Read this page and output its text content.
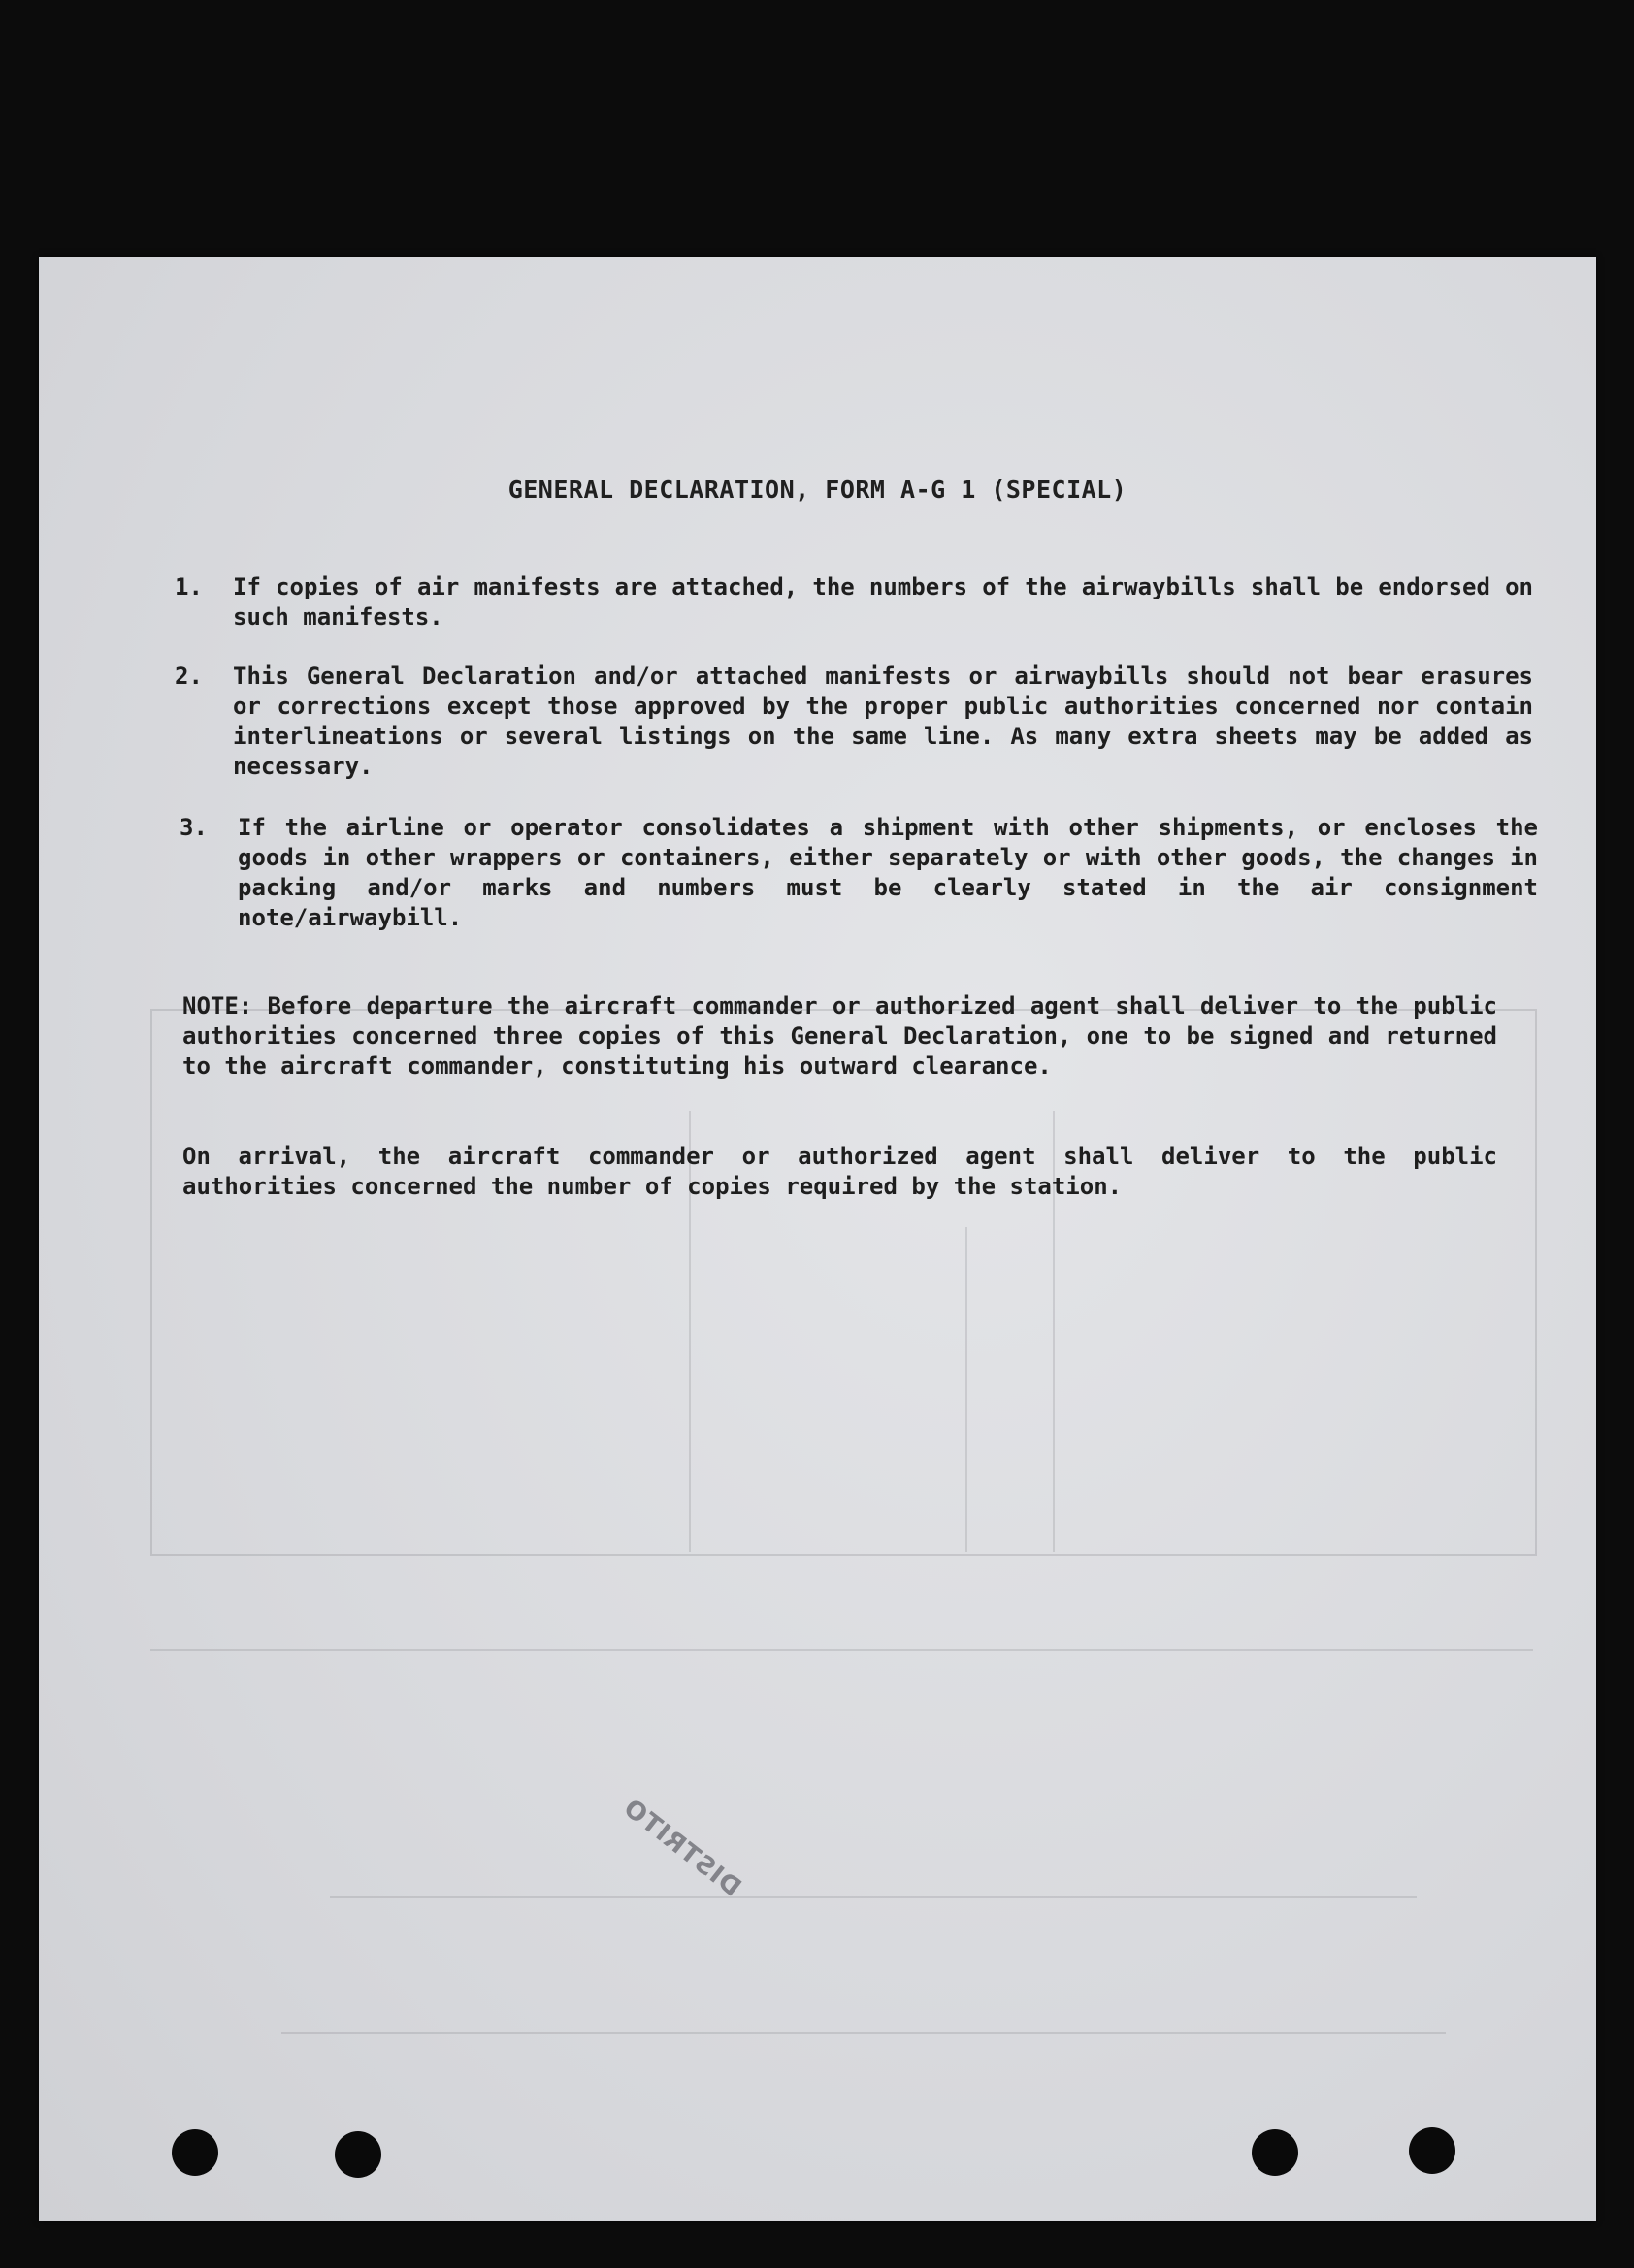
GENERAL DECLARATION, FORM A-G 1 (SPECIAL)
1. If copies of air manifests are attached, the numbers of the airwaybills shall be endorsed on such manifests.
2. This General Declaration and/or attached manifests or airwaybills should not bear erasures or corrections except those approved by the proper public authorities concerned nor contain interlineations or several listings on the same line. As many extra sheets may be added as necessary.
3. If the airline or operator consolidates a shipment with other shipments, or encloses the goods in other wrappers or containers, either separately or with other goods, the changes in packing and/or marks and numbers must be clearly stated in the air consignment note/airwaybill.
NOTE: Before departure the aircraft commander or authorized agent shall deliver to the public authorities concerned three copies of this General Declaration, one to be signed and returned to the aircraft commander, constituting his outward clearance.
On arrival, the aircraft commander or authorized agent shall deliver to the public authorities concerned the number of copies required by the station.
DISTRITO
